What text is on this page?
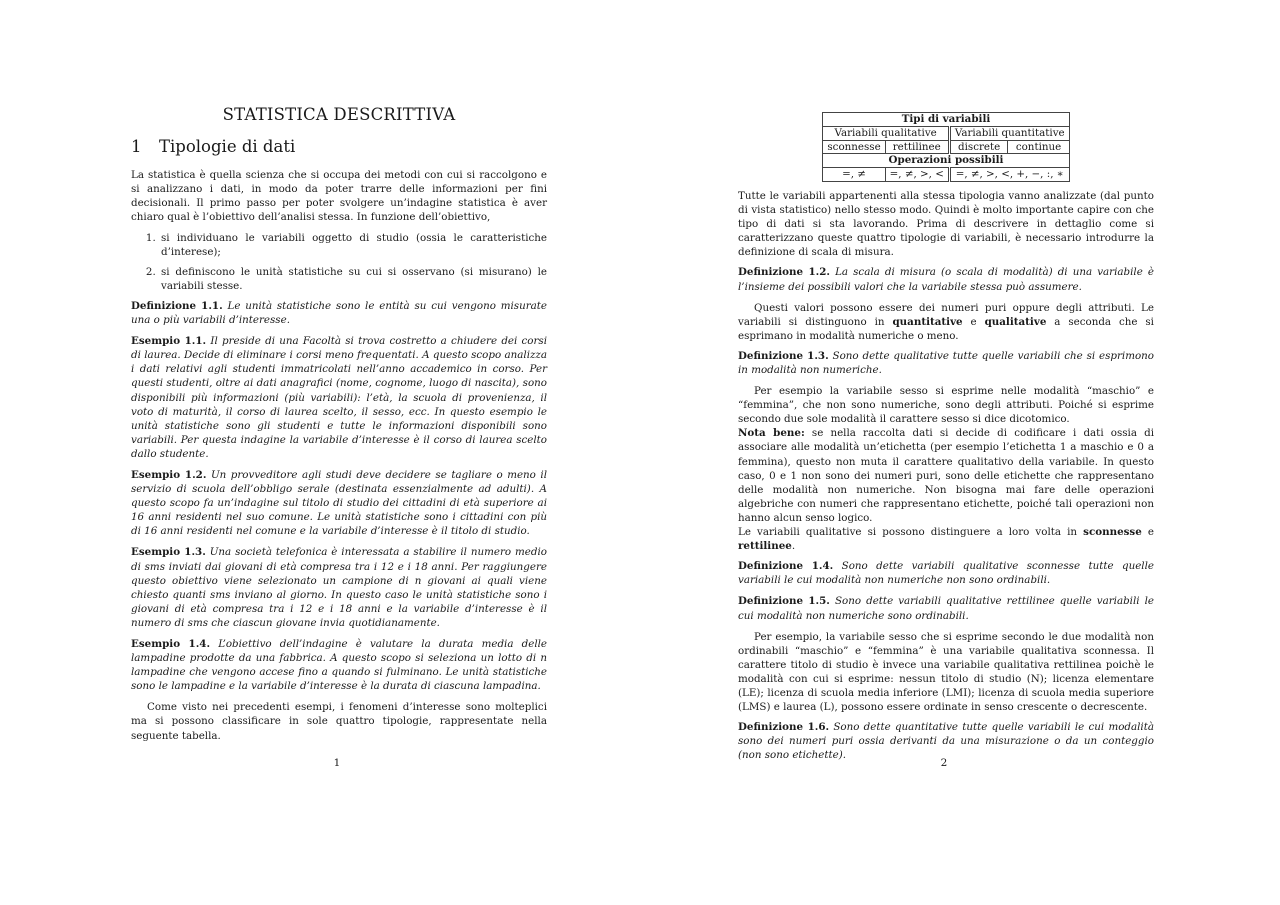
STATISTICA DESCRITTIVA
1 Tipologie di dati

La statistica è quella scienza che si occupa dei metodi con cui si raccolgono e si analizzano i dati, in modo da poter trarre delle informazioni per fini decisionali. Il primo passo per poter svolgere un’indagine statistica è aver chiaro qual è l’obiettivo dell’analisi stessa. In funzione dell’obiettivo,

1. si individuano le variabili oggetto di studio (ossia le caratteristiche d’interese);
2. si definiscono le unità statistiche su cui si osservano (si misurano) le variabili stesse.
Definizione 1.1. Le unità statistiche sono le entità su cui vengono misurate una o più variabili d’interesse.
Esempio 1.1. Il preside di una Facoltà si trova costretto a chiudere dei corsi di laurea. Decide di eliminare i corsi meno frequentati. A questo scopo analizza i dati relativi agli studenti immatricolati nell’anno accademico in corso. Per questi studenti, oltre ai dati anagrafici (nome, cognome, luogo di nascita), sono disponibili più informazioni (più variabili): l’età, la scuola di provenienza, il voto di maturità, il corso di laurea scelto, il sesso, ecc. In questo esempio le unità statistiche sono gli studenti e tutte le informazioni disponibili sono variabili. Per questa indagine la variabile d’interesse è il corso di laurea scelto dallo studente.
Esempio 1.2. Un provveditore agli studi deve decidere se tagliare o meno il servizio di scuola dell’obbligo serale (destinata essenzialmente ad adulti). A questo scopo fa un’indagine sul titolo di studio dei cittadini di età superiore ai 16 anni residenti nel suo comune. Le unità statistiche sono i cittadini con più di 16 anni residenti nel comune e la variabile d’interesse è il titolo di studio.
Esempio 1.3. Una società telefonica è interessata a stabilire il numero medio di sms inviati dai giovani di età compresa tra i 12 e i 18 anni. Per raggiungere questo obiettivo viene selezionato un campione di n giovani ai quali viene chiesto quanti sms inviano al giorno. In questo caso le unità statistiche sono i giovani di età compresa tra i 12 e i 18 anni e la variabile d’interesse è il numero di sms che ciascun giovane invia quotidianamente.
Esempio 1.4. L’obiettivo dell’indagine è valutare la durata media delle lampadine prodotte da una fabbrica. A questo scopo si seleziona un lotto di n lampadine che vengono accese fino a quando si fulminano. Le unità statistiche sono le lampadine e la variabile d’interesse è la durata di ciascuna lampadina.

Come visto nei precedenti esempi, i fenomeni d’interesse sono molteplici ma si possono classificare in sole quattro tipologie, rappresentate nella seguente tabella.

1
Tipi di variabili			
Variabili qualitative		Variabili quantitative	
sconnesse	rettilinee	discrete	continue
Operazioni possibili			
=, ≠	=, ≠, >, <	=, ≠, >, <, +, −, :, ∗	

Tutte le variabili appartenenti alla stessa tipologia vanno analizzate (dal punto di vista statistico) nello stesso modo. Quindi è molto importante capire con che tipo di dati si sta lavorando. Prima di descrivere in dettaglio come si caratterizzano queste quattro tipologie di variabili, è necessario introdurre la definizione di scala di misura.

Definizione 1.2. La scala di misura (o scala di modalità) di una variabile è l’insieme dei possibili valori che la variabile stessa può assumere.

Questi valori possono essere dei numeri puri oppure degli attributi. Le variabili si distinguono in quantitative e qualitative a seconda che si esprimano in modalità numeriche o meno.

Definizione 1.3. Sono dette qualitative tutte quelle variabili che si esprimono in modalità non numeriche.

Per esempio la variabile sesso si esprime nelle modalità “maschio” e “femmina”, che non sono numeriche, sono degli attributi. Poiché si esprime secondo due sole modalità il carattere sesso si dice dicotomico.

Nota bene: se nella raccolta dati si decide di codificare i dati ossia di associare alle modalità un’etichetta (per esempio l’etichetta 1 a maschio e 0 a femmina), questo non muta il carattere qualitativo della variabile. In questo caso, 0 e 1 non sono dei numeri puri, sono delle etichette che rappresentano delle modalità non numeriche. Non bisogna mai fare delle operazioni algebriche con numeri che rappresentano etichette, poiché tali operazioni non hanno alcun senso logico.

Le variabili qualitative si possono distinguere a loro volta in sconnesse e rettilinee.

Definizione 1.4. Sono dette variabili qualitative sconnesse tutte quelle variabili le cui modalità non numeriche non sono ordinabili.
Definizione 1.5. Sono dette variabili qualitative rettilinee quelle variabili le cui modalità non numeriche sono ordinabili.

Per esempio, la variabile sesso che si esprime secondo le due modalità non ordinabili “maschio” e “femmina” è una variabile qualitativa sconnessa. Il carattere titolo di studio è invece una variabile qualitativa rettilinea poichè le modalità con cui si esprime: nessun titolo di studio (N); licenza elementare (LE); licenza di scuola media inferiore (LMI); licenza di scuola media superiore (LMS) e laurea (L), possono essere ordinate in senso crescente o decrescente.

Definizione 1.6. Sono dette quantitative tutte quelle variabili le cui modalità sono dei numeri puri ossia derivanti da una misurazione o da un conteggio (non sono etichette).
2
